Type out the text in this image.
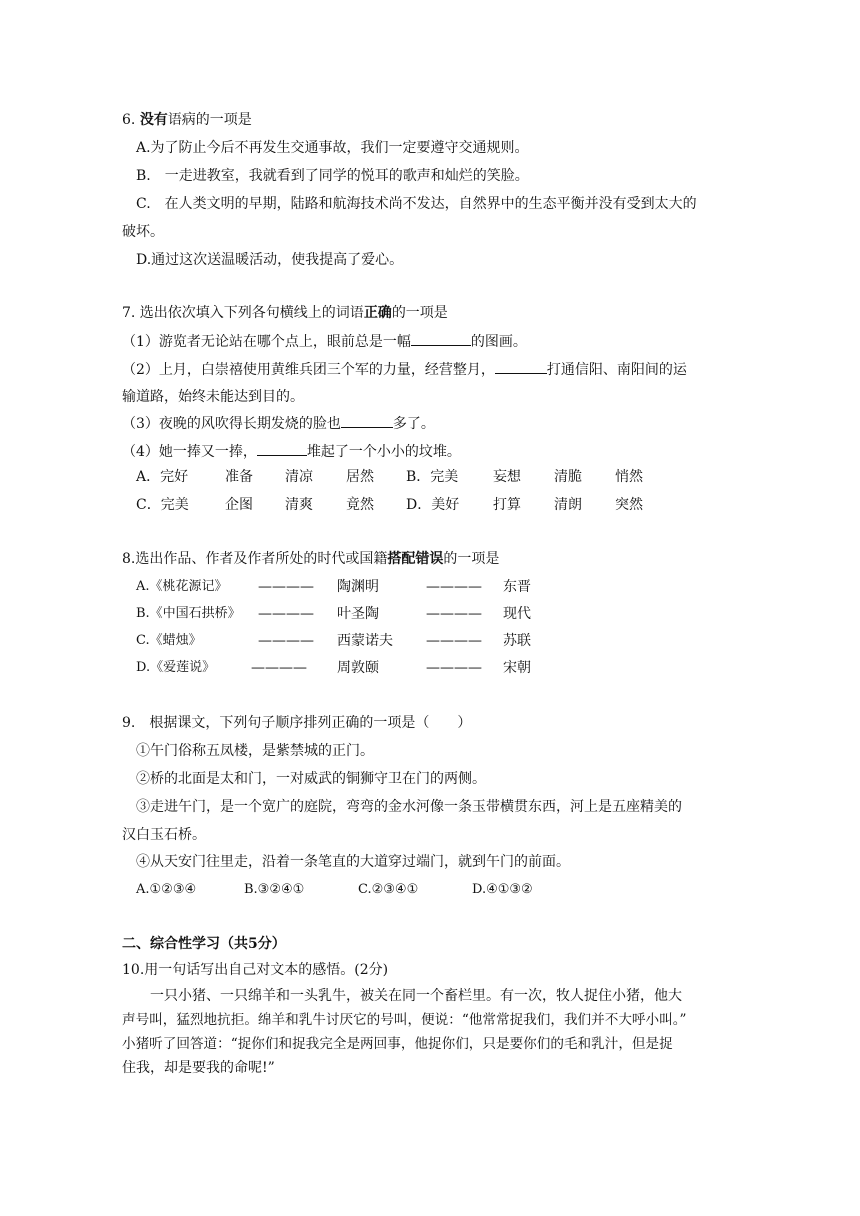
6. 没有语病的一项是
A.为了防止今后不再发生交通事故，我们一定要遵守交通规则。
B.　一走进教室，我就看到了同学的悦耳的歌声和灿烂的笑脸。
C.　在人类文明的早期，陆路和航海技术尚不发达，自然界中的生态平衡并没有受到太大的
破坏。
D.通过这次送温暖活动，使我提高了爱心。
7. 选出依次填入下列各句横线上的词语正确的一项是
（1）游览者无论站在哪个点上，眼前总是一幅	的图画。
（2）上月，白崇禧使用黄维兵团三个军的力量，经营整月，	打通信阳、南阳间的运
输道路，始终未能达到目的。
（3）夜晚的风吹得长期发烧的脸也	多了。
（4）她一捧又一捧，	堆起了一个小小的坟堆。
A．完好	准备 清凉 居然 B．完美 妄想 清脆 悄然
C．完美	企图 清爽 竟然 D．美好 打算 清朗 突然
8.选出作品、作者及作者所处的时代或国籍搭配错误的一项是
A.《桃花源记》 ———— 陶渊明	———— 东晋
B.《中国石拱桥》 ———— 叶圣陶	———— 现代
C.《蜡烛》	———— 西蒙诺夫 ———— 苏联
D.《爱莲说》	———— 周敦颐	———— 宋朝
9.　根据课文，下列句子顺序排列正确的一项是（　　）
①午门俗称五凤楼，是紫禁城的正门。
②桥的北面是太和门，一对威武的铜狮守卫在门的两侧。
③走进午门，是一个宽广的庭院，弯弯的金水河像一条玉带横贯东西，河上是五座精美的
汉白玉石桥。
④从天安门往里走，沿着一条笔直的大道穿过端门，就到午门的前面。
A.①②③④	B.③②④①	C.②③④①	D.④①③②
二、综合性学习（共5分）
10.用一句话写出自己对文本的感悟。(2分)
一只小猪、一只绵羊和一头乳牛，被关在同一个畜栏里。有一次，牧人捉住小猪，他大
声号叫，猛烈地抗拒。绵羊和乳牛讨厌它的号叫，便说：“他常常捉我们，我们并不大呼小叫。”
小猪听了回答道：“捉你们和捉我完全是两回事，他捉你们，只是要你们的毛和乳汁，但是捉
住我，却是要我的命呢!”
